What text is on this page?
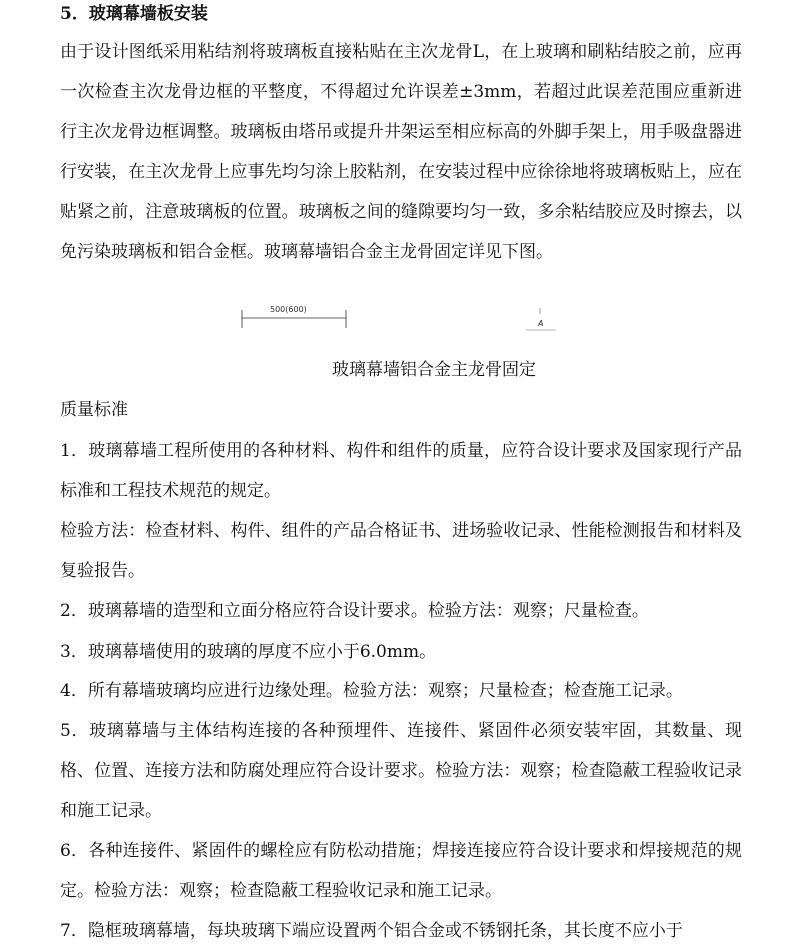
5．玻璃幕墙板安装
由于设计图纸采用粘结剂将玻璃板直接粘贴在主次龙骨L，在上玻璃和刷粘结胶之前，应再一次检查主次龙骨边框的平整度，不得超过允许误差±3mm，若超过此误差范围应重新进行主次龙骨边框调整。玻璃板由塔吊或提升井架运至相应标高的外脚手架上，用手吸盘器进行安装，在主次龙骨上应事先均匀涂上胶粘剂，在安装过程中应徐徐地将玻璃板贴上，应在贴紧之前，注意玻璃板的位置。玻璃板之间的缝隙要均匀一致，多余粘结胶应及时擦去，以免污染玻璃板和铝合金框。玻璃幕墙铝合金主龙骨固定详见下图。
500(600)
A
玻璃幕墙铝合金主龙骨固定
质量标准
1．玻璃幕墙工程所使用的各种材料、构件和组件的质量，应符合设计要求及国家现行产品标准和工程技术规范的规定。
检验方法：检查材料、构件、组件的产品合格证书、进场验收记录、性能检测报告和材料及复验报告。
2．玻璃幕墙的造型和立面分格应符合设计要求。检验方法：观察；尺量检查。
3．玻璃幕墙使用的玻璃的厚度不应小于6.0mm。
4．所有幕墙玻璃均应进行边缘处理。检验方法：观察；尺量检查；检查施工记录。
5．玻璃幕墙与主体结构连接的各种预埋件、连接件、紧固件必须安装牢固，其数量、现格、位置、连接方法和防腐处理应符合设计要求。检验方法：观察；检查隐蔽工程验收记录和施工记录。
6．各种连接件、紧固件的螺栓应有防松动措施；焊接连接应符合设计要求和焊接规范的规定。检验方法：观察；检查隐蔽工程验收记录和施工记录。
7．隐框玻璃幕墙，每块玻璃下端应设置两个铝合金或不锈钢托条，其长度不应小于
